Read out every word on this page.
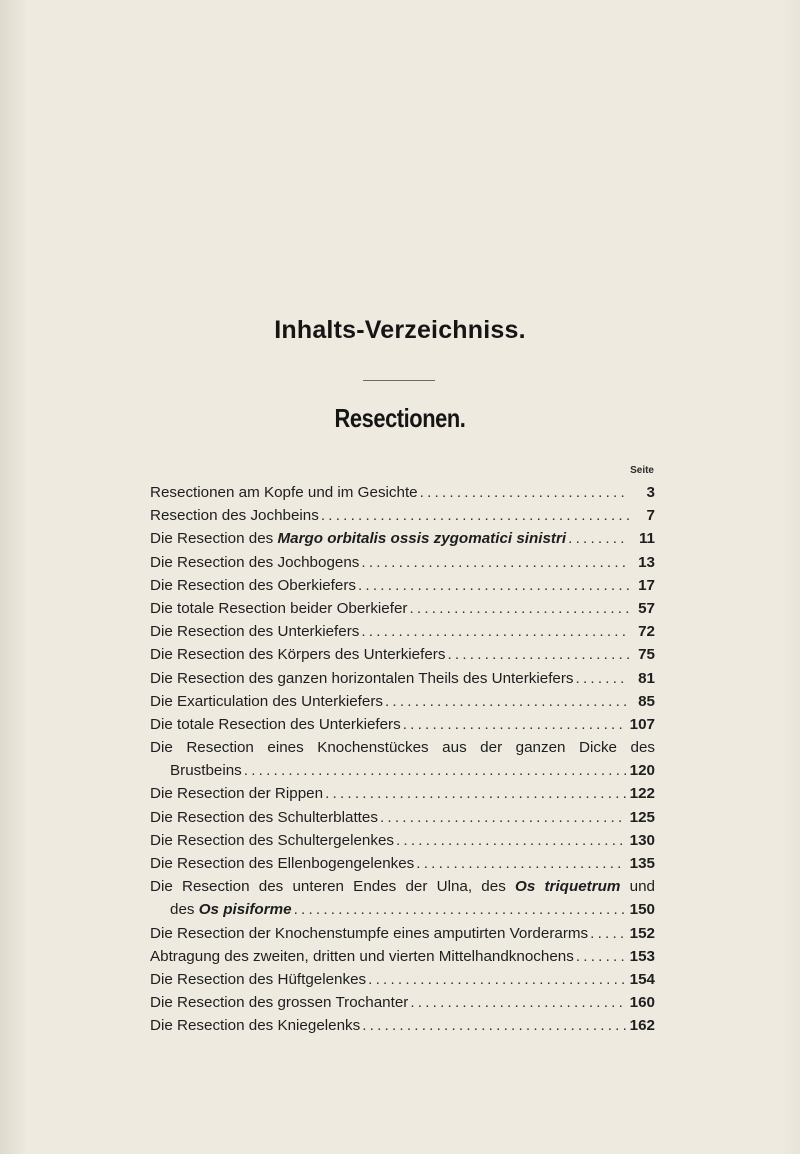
Inhalts-Verzeichniss.
Resectionen.
Seite
Resectionen am Kopfe und im Gesichte . . .	3
Resection des Jochbeins . . .	7
Die Resection des Margo orbitalis ossis zygomatici sinistri . . .	11
Die Resection des Jochbogens . . .	13
Die Resection des Oberkiefers . . .	17
Die totale Resection beider Oberkiefer . . .	57
Die Resection des Unterkiefers . . .	72
Die Resection des Körpers des Unterkiefers . . .	75
Die Resection des ganzen horizontalen Theils des Unterkiefers . . .	81
Die Exarticulation des Unterkiefers . . .	85
Die totale Resection des Unterkiefers . . .	107
Die Resection eines Knochenstückes aus der ganzen Dicke des
Brustbeins . . .	120
Die Resection der Rippen . . .	122
Die Resection des Schulterblattes . . .	125
Die Resection des Schultergelenkes . . .	130
Die Resection des Ellenbogengelenkes . . .	135
Die Resection des unteren Endes der Ulna, des Os triquetrum und
des Os pisiforme . . .	150
Die Resection der Knochenstumpfe eines amputirten Vorderarms . . .	152
Abtragung des zweiten, dritten und vierten Mittelhandknochens . . .	153
Die Resection des Hüftgelenkes . . .	154
Die Resection des grossen Trochanter . . .	160
Die Resection des Kniegelenks . . .	162
